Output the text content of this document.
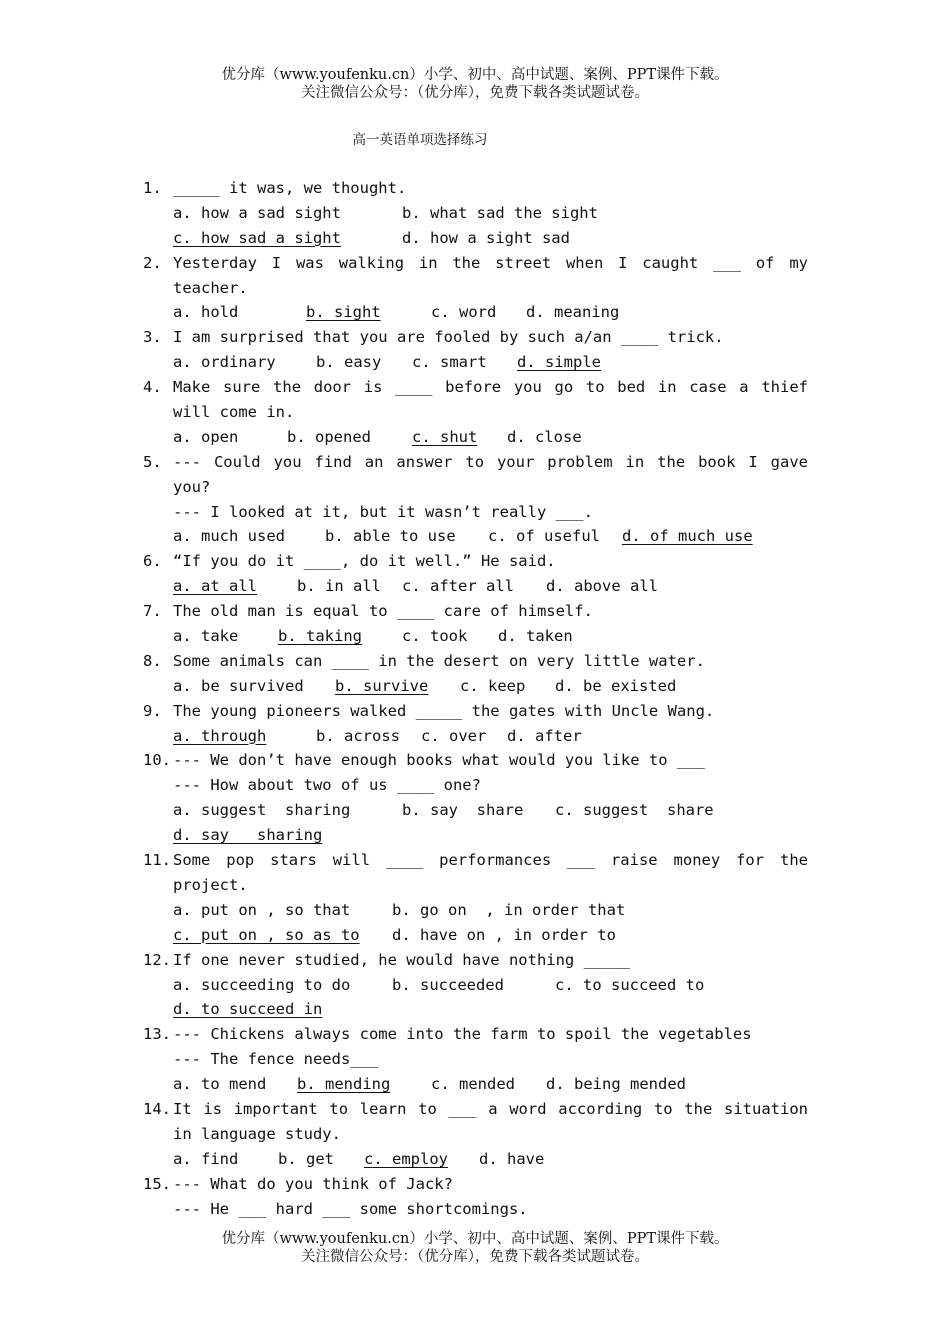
优分库（www.youfenku.cn）小学、初中、高中试题、案例、PPT课件下载。
关注微信公众号：（优分库），免费下载各类试题试卷。
高一英语单项选择练习
1. _____ it was, we thought.
a. how a sad sight	b. what sad the sight
c. how sad a sight	d. how a sight sad
2. Yesterday I was walking in the street when I caught ___ of my
teacher.
a. hold	b. sight	c. word d. meaning
3. I am surprised that you are fooled by such a/an ____ trick.
a. ordinary	b. easy c. smart d. simple
4. Make sure the door is ____ before you go to bed in case a thief
will come in.
a. open	b. opened	c. shut	d. close
5. --- Could you find an answer to your problem in the book I gave
you?
--- I looked at it, but it wasn’t really ___.
a. much used	b. able to use c. of useful d. of much use
6. “If you do it ____, do it well.” He said.
a. at all	b. in all c. after all d. above all
7. The old man is equal to ____ care of himself.
a. take	b. taking	c. took d. taken
8. Some animals can ____ in the desert on very little water.
a. be survived	b. survive	c. keep d. be existed
9. The young pioneers walked _____ the gates with Uncle Wang.
a. through	b. across c. over d. after
10. --- We don’t have enough books what would you like to ___
--- How about two of us ____ one?
a. suggest  sharing	b. say  share c. suggest  share
d. say   sharing
11. Some pop stars will ____ performances ___ raise money for the
project.
a. put on , so that	b. go on  , in order that
c. put on , so as to	d. have on , in order to
12. If one never studied, he would have nothing _____
a. succeeding to do	b. succeeded	c. to succeed to
d. to succeed in
13. --- Chickens always come into the farm to spoil the vegetables
--- The fence needs___
a. to mend b. mending	c. mended d. being mended
14. It is important to learn to ___ a word according to the situation
in language study.
a. find	b. get c. employ d. have
15. --- What do you think of Jack?
--- He ___ hard ___ some shortcomings.
优分库（www.youfenku.cn）小学、初中、高中试题、案例、PPT课件下载。
关注微信公众号：（优分库），免费下载各类试题试卷。
